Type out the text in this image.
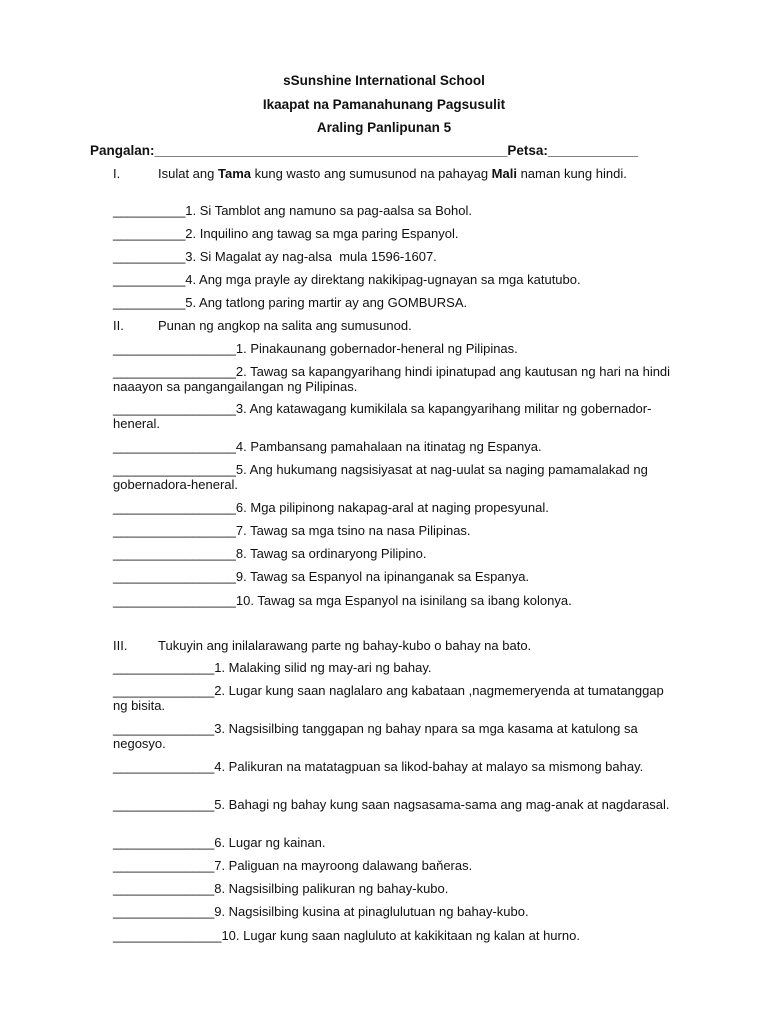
sSunshine International School
Ikaapat na Pamanahunang Pagsusulit
Araling Panlipunan 5
Pangalan:_______________________________________________Petsa:____________
I.	Isulat ang Tama kung wasto ang sumusunod na pahayag Mali naman kung hindi.
__________1. Si Tamblot ang namuno sa pag-aalsa sa Bohol.
__________2. Inquilino ang tawag sa mga paring Espanyol.
__________3. Si Magalat ay nag-alsa  mula 1596-1607.
__________4. Ang mga prayle ay direktang nakikipag-ugnayan sa mga katutubo.
__________5. Ang tatlong paring martir ay ang GOMBURSA.
II.	Punan ng angkop na salita ang sumusunod.
_________________1. Pinakaunang gobernador-heneral ng Pilipinas.
_________________2. Tawag sa kapangyarihang hindi ipinatupad ang kautusan ng hari na hindi naaayon sa pangangailangan ng Pilipinas.
_________________3. Ang katawagang kumikilala sa kapangyarihang militar ng gobernador-heneral.
_________________4. Pambansang pamahalaan na itinatag ng Espanya.
_________________5. Ang hukumang nagsisiyasat at nag-uulat sa naging pamamalakad ng gobernadora-heneral.
_________________6. Mga pilipinong nakapag-aral at naging propesyunal.
_________________7. Tawag sa mga tsino na nasa Pilipinas.
_________________8. Tawag sa ordinaryong Pilipino.
_________________9. Tawag sa Espanyol na ipinanganak sa Espanya.
_________________10. Tawag sa mga Espanyol na isinilang sa ibang kolonya.
III. Tukuyin ang inilalarawang parte ng bahay-kubo o bahay na bato.
______________1. Malaking silid ng may-ari ng bahay.
______________2. Lugar kung saan naglalaro ang kabataan ,nagmemeryenda at tumatanggap ng bisita.
______________3. Nagsisilbing tanggapan ng bahay npara sa mga kasama at katulong sa negosyo.
______________4. Palikuran na matatagpuan sa likod-bahay at malayo sa mismong bahay.
______________5. Bahagi ng bahay kung saan nagsasama-sama ang mag-anak at nagdarasal.
______________6. Lugar ng kainan.
______________7. Paliguan na mayroong dalawang baňeras.
______________8. Nagsisilbing palikuran ng bahay-kubo.
______________9. Nagsisilbing kusina at pinaglulutuan ng bahay-kubo.
_______________10. Lugar kung saan nagluluto at kakikitaan ng kalan at hurno.
